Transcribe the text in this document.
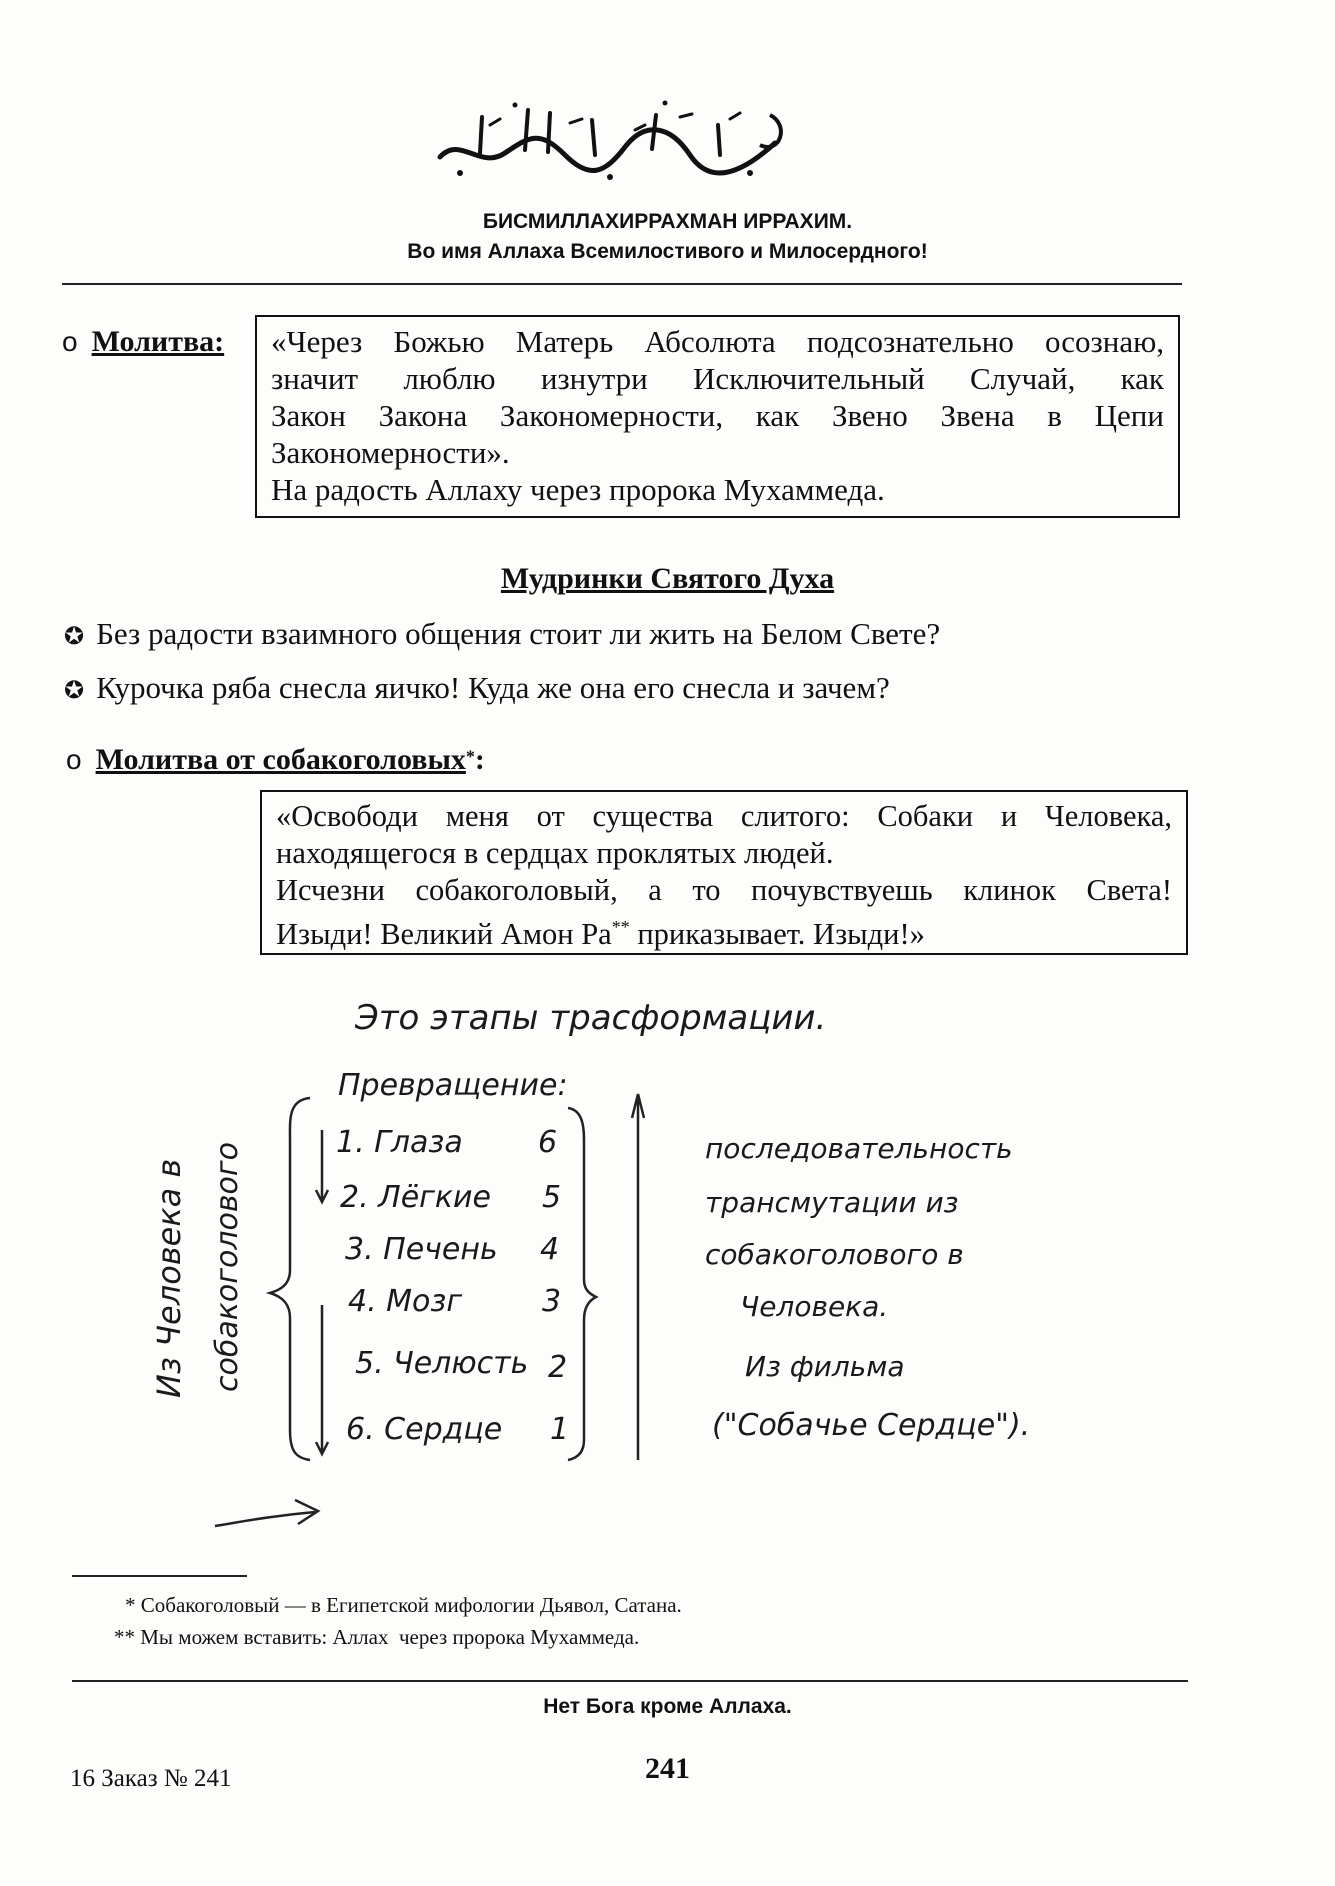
БИСМИЛЛАХИРРАХМАН ИРРАХИМ.
Во имя Аллаха Всемилостивого и Милосердного!
о Молитва: «Через Божью Матерь Абсолюта подсознательно осознаю,

значит люблю изнутри Исключительный Случай, как

Закон Закона Закономерности, как Звено Звена в Цепи

Закономерности».

На радость Аллаху через пророка Мухаммеда.

Мудринки Святого Духа
✪ Без радости взаимного общения стоит ли жить на Белом Свете?
✪ Курочка ряба снесла яичко! Куда же она его снесла и зачем?
о Молитва от собакоголовых*:

«Освободи меня от существа слитого: Собаки и Человека,

находящегося в сердцах проклятых людей.

Исчезни собакоголовый, а то почувствуешь клинок Света!

Изыди! Великий Амон Ра** приказывает. Изыди!»

Это этапы трасформации.
Превращение:
Из Человека в собакоголового	1. Глаза	6
2. Лёгкие 5
3. Печень 4
4. Мозг	3
5. Челюсть 2
6. Сердце 1
последовательность
трансмутации из
собакоголового в
Человека.
Из фильма
("Собачье Сердце").
* Собакоголовый — в Египетской мифологии Дьявол, Сатана.
** Мы можем вставить: Аллах  через пророка Мухаммеда.
Нет Бога кроме Аллаха.
241
16 Заказ № 241
